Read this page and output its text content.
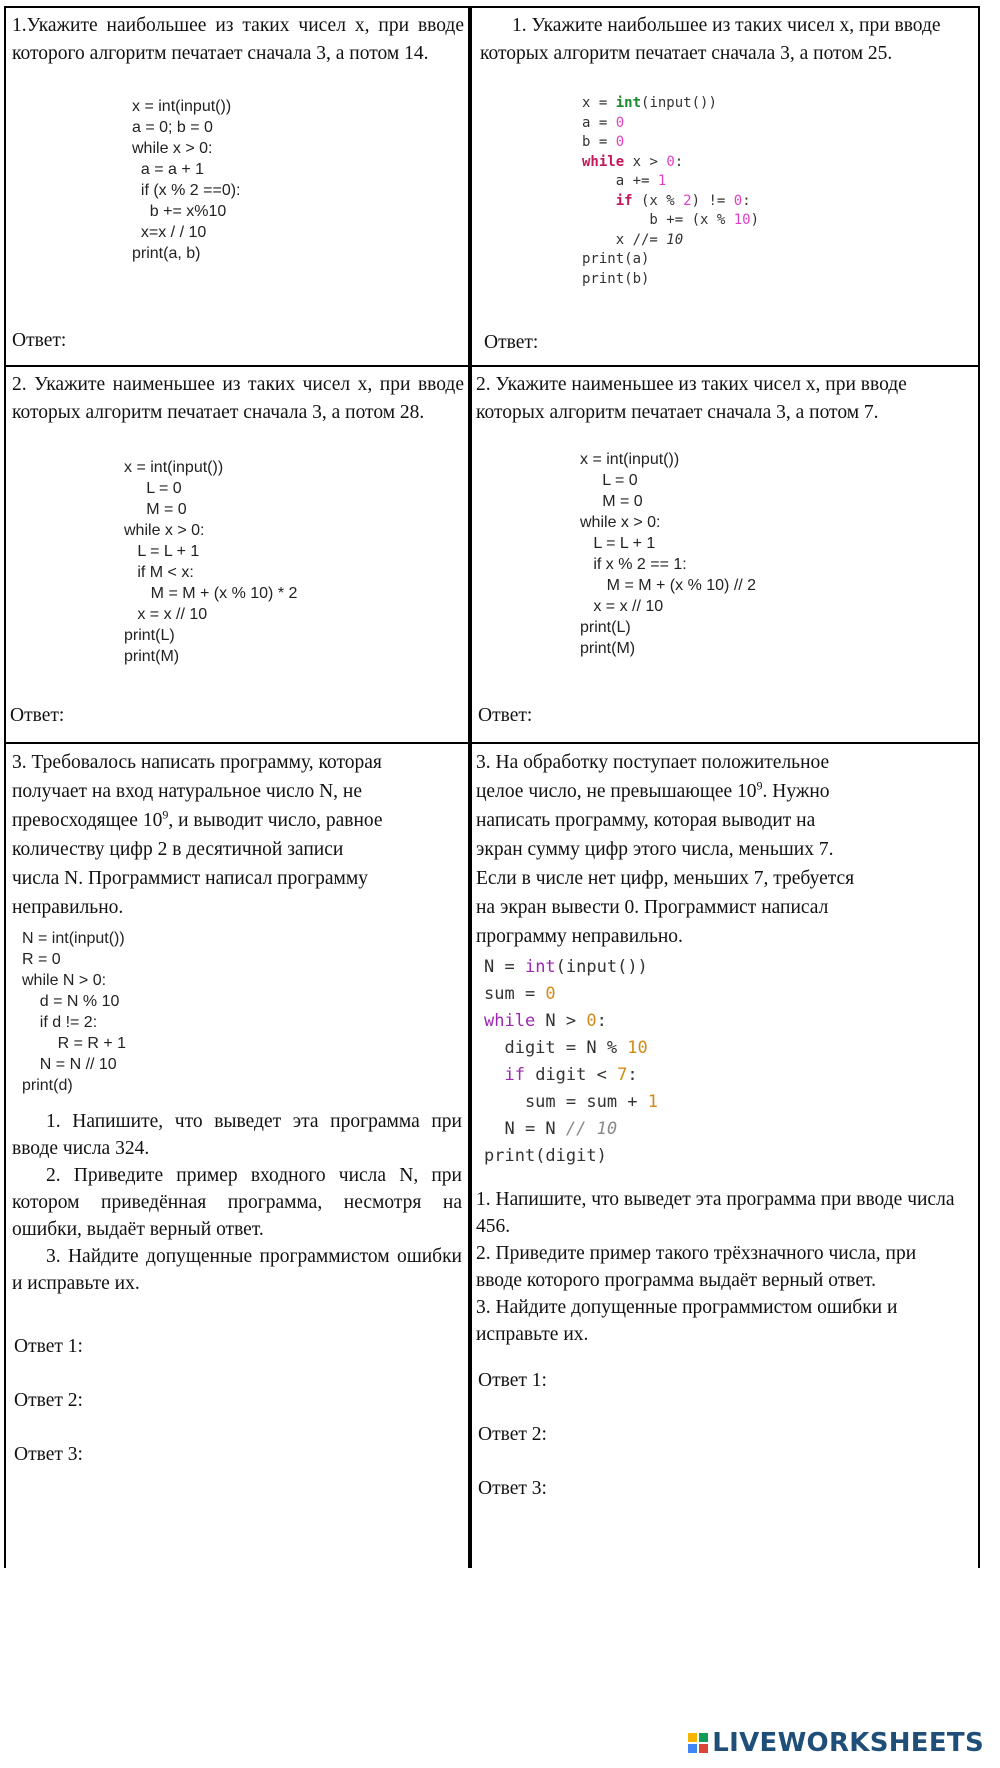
1.Укажите наибольшее из таких чисел x, при вводе которого алгоритм печатает сначала 3, а потом 14.

x = int(input())
a = 0; b = 0
while x > 0:
a = a + 1
if (x % 2 ==0):
b += x%10
x=x / / 10
print(a, b)
Ответ:

1. Укажите наибольшее из таких чисел x, при вводе которых алгоритм печатает сначала 3, а потом 25.

x = int(input())
a = 0
b = 0
while x > 0:
a += 1
if (x % 2) != 0:
b += (x % 10)
x //= 10
print(a)
print(b)
Ответ:

2. Укажите наименьшее из таких чисел x, при вводе которых алгоритм печатает сначала 3, а потом 28.

x = int(input())
L = 0
M = 0
while x > 0:
L = L + 1
if M < x:
M = M + (x % 10) * 2
x = x // 10
print(L)
print(M)
Ответ:

2. Укажите наименьшее из таких чисел x, при вводе которых алгоритм печатает сначала 3, а потом 7.

x = int(input())
L = 0
M = 0
while x > 0:
L = L + 1
if x % 2 == 1:
M = M + (x % 10) // 2
x = x // 10
print(L)
print(M)
Ответ:
3. Требовалось написать программу, которая
получает на вход натуральное число N, не
превосходящее $10^9$, и выводит число, равное
количеству цифр 2 в десятичной записи
числа N. Программист написал программу
неправильно.
N = int(input())
R = 0
while N > 0:
d = N % 10
if d != 2:
R = R + 1
N = N // 10
print(d)

1. Напишите, что выведет эта программа при вводе числа 324.

2. Приведите пример входного числа N, при котором приведённая программа, несмотря на ошибки, выдаёт верный ответ.

3. Найдите допущенные программистом ошибки и исправьте их.

Ответ 1:
Ответ 2:
Ответ 3:
3. На обработку поступает положительное
целое число, не превышающее $10^9$. Нужно
написать программу, которая выводит на
экран сумму цифр этого числа, меньших 7.
Если в числе нет цифр, меньших 7, требуется
на экран вывести 0. Программист написал
программу неправильно.
N = int(input())
sum = 0
while N > 0:
digit = N % 10
if digit < 7:
sum = sum + 1
N = N // 10
print(digit)

1. Напишите, что выведет эта программа при вводе числа 456.

2. Приведите пример такого трёхзначного числа, при вводе которого программа выдаёт верный ответ.

3. Найдите допущенные программистом ошибки и исправьте их.

Ответ 1:
Ответ 2:
Ответ 3:
LIVEWORKSHEETS
